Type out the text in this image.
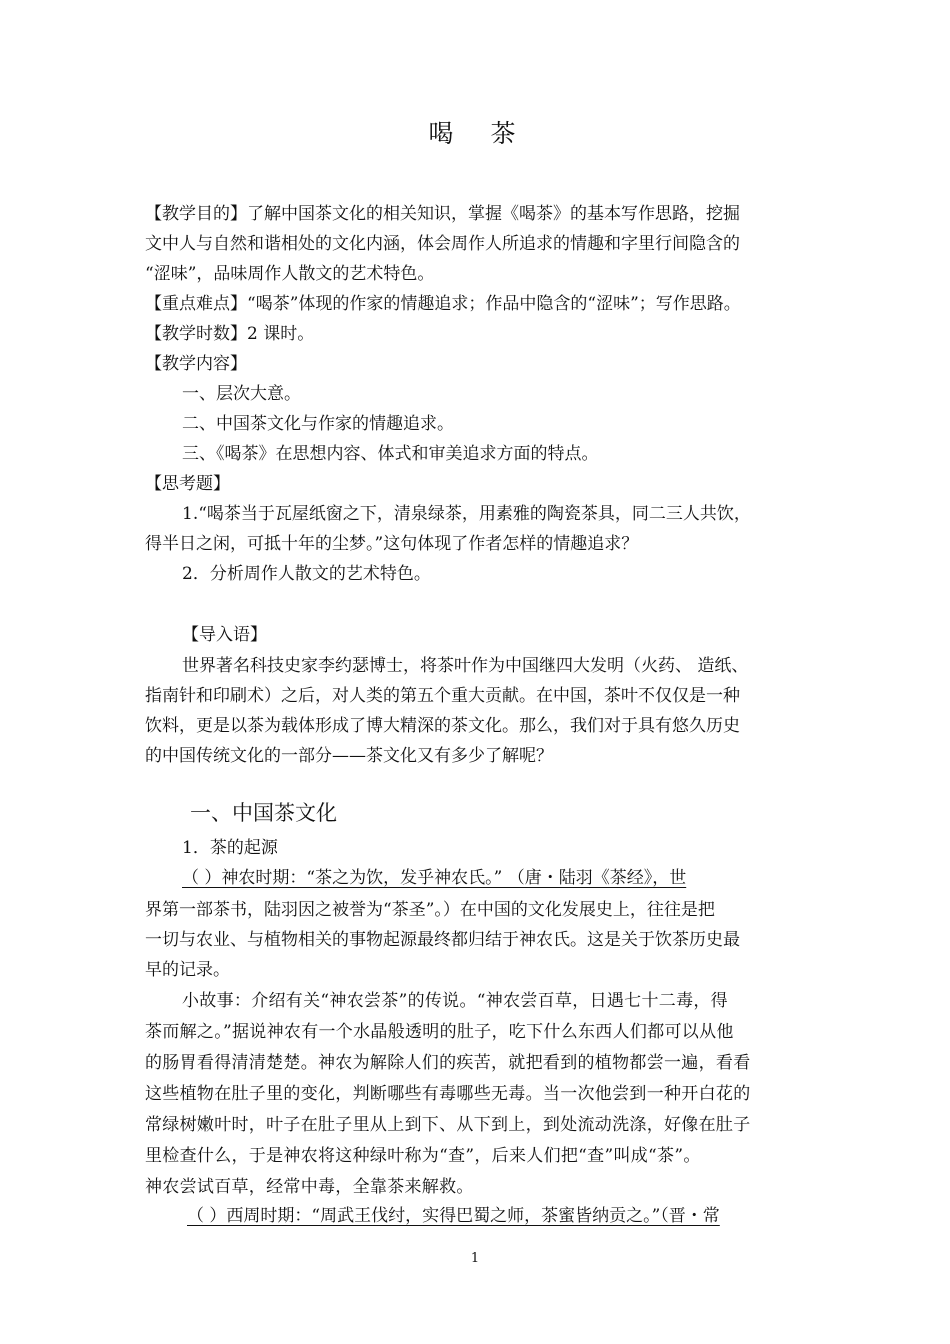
喝　茶
【教学目的】了解中国茶文化的相关知识，掌握《喝茶》的基本写作思路，挖掘
文中人与自然和谐相处的文化内涵，体会周作人所追求的情趣和字里行间隐含的
“涩味”，品味周作人散文的艺术特色。
【重点难点】“喝茶”体现的作家的情趣追求；作品中隐含的“涩味”；写作思路。
【教学时数】2 课时。
【教学内容】
一、层次大意。
二、中国茶文化与作家的情趣追求。
三、《喝茶》在思想内容、体式和审美追求方面的特点。
【思考题】
1.“喝茶当于瓦屋纸窗之下，清泉绿茶，用素雅的陶瓷茶具，同二三人共饮，
得半日之闲，可抵十年的尘梦。”这句体现了作者怎样的情趣追求？
2．分析周作人散文的艺术特色。
【导入语】
世界著名科技史家李约瑟博士，将茶叶作为中国继四大发明（火药、 造纸、
指南针和印刷术）之后，对人类的第五个重大贡献。在中国，茶叶不仅仅是一种
饮料，更是以茶为载体形成了博大精深的茶文化。那么，我们对于具有悠久历史
的中国传统文化的一部分——茶文化又有多少了解呢？
一、中国茶文化
1．茶的起源
（ ）神农时期：“茶之为饮，发乎神农氏。” （唐・陆羽《茶经》，世
界第一部茶书，陆羽因之被誉为“茶圣”。）在中国的文化发展史上，往往是把
一切与农业、与植物相关的事物起源最终都归结于神农氏。这是关于饮茶历史最
早的记录。
小故事：介绍有关“神农尝茶”的传说。“神农尝百草，日遇七十二毒，得
茶而解之。”据说神农有一个水晶般透明的肚子，吃下什么东西人们都可以从他
的肠胃看得清清楚楚。神农为解除人们的疾苦，就把看到的植物都尝一遍，看看
这些植物在肚子里的变化，判断哪些有毒哪些无毒。当一次他尝到一种开白花的
常绿树嫩叶时，叶子在肚子里从上到下、从下到上，到处流动洗涤，好像在肚子
里检查什么，于是神农将这种绿叶称为“查”，后来人们把“查”叫成“茶”。
神农尝试百草，经常中毒，全靠茶来解救。
（ ）西周时期：“周武王伐纣，实得巴蜀之师，茶蜜皆纳贡之。”（晋・常
1
